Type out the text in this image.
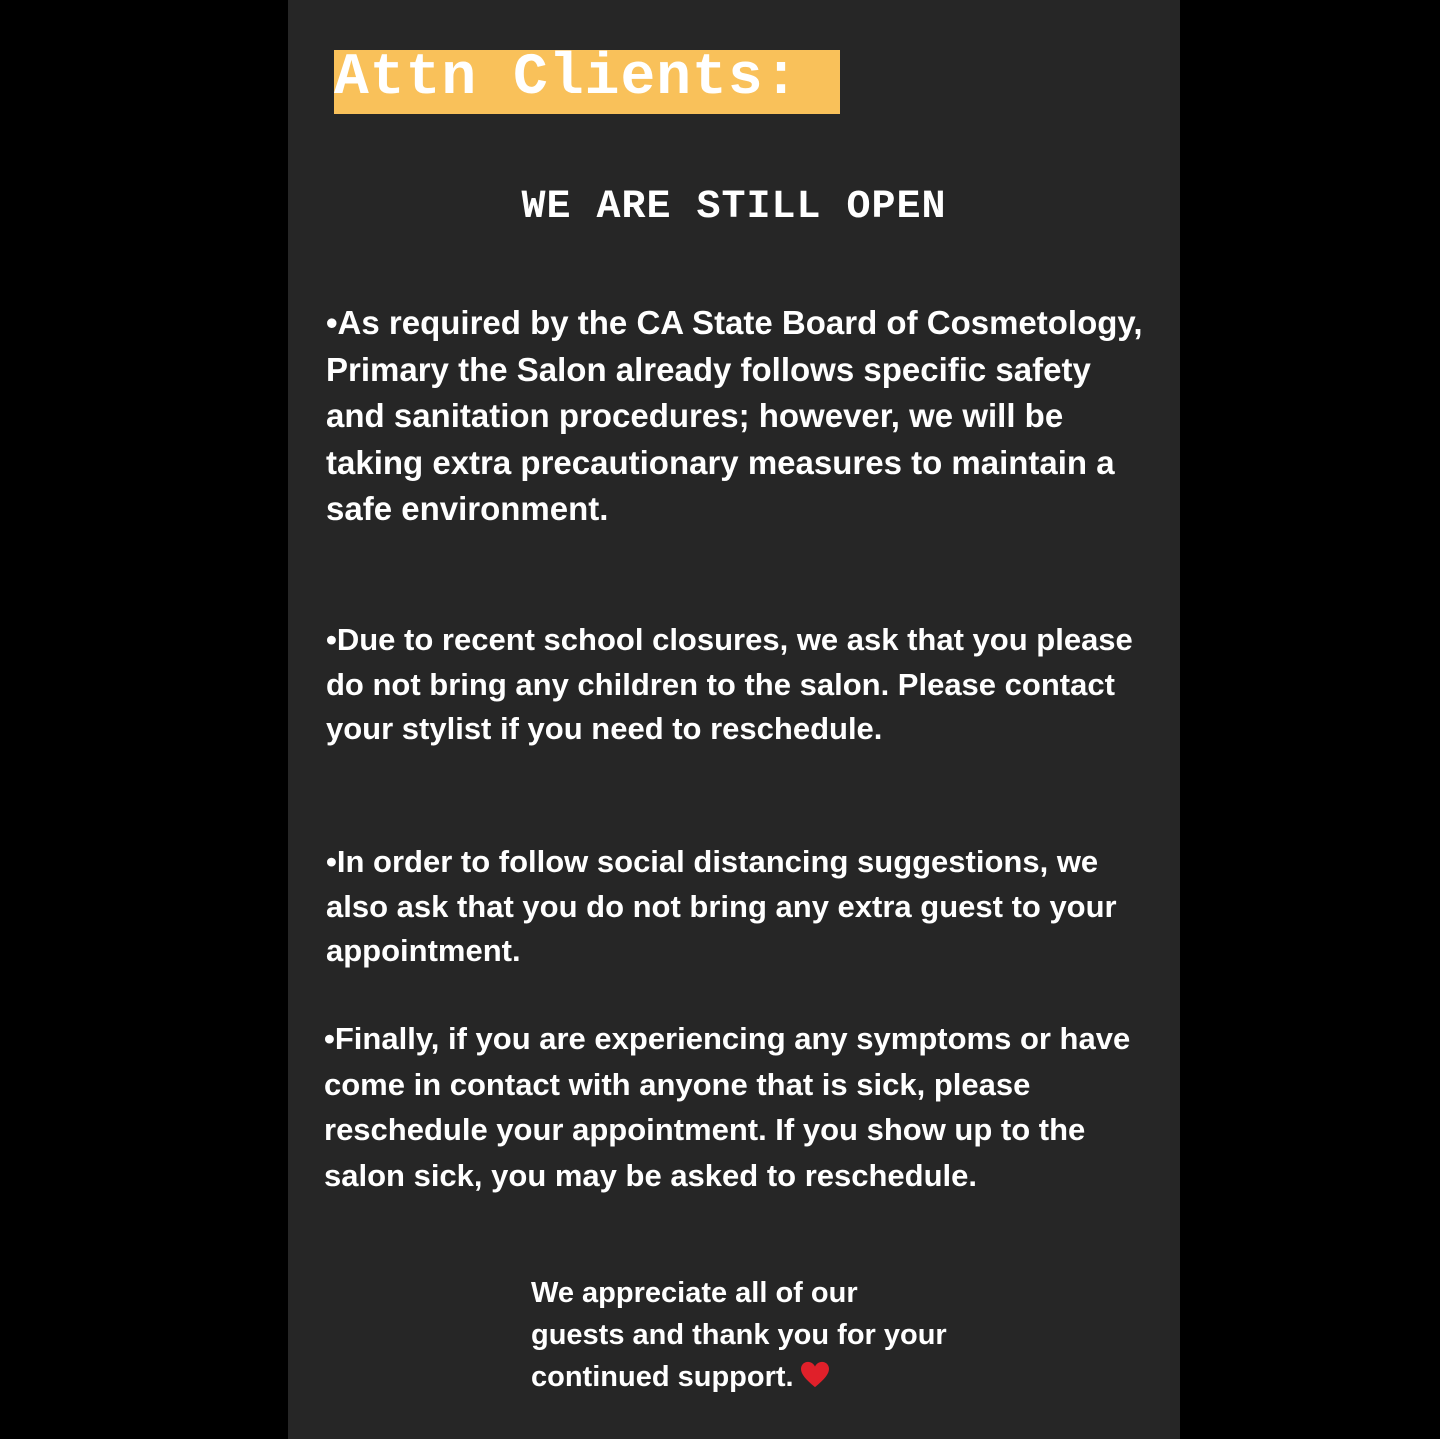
Attn Clients:
WE ARE STILL OPEN

•As required by the CA State Board of Cosmetology, Primary the Salon already follows specific safety and sanitation procedures; however, we will be taking extra precautionary measures to maintain a safe environment.

•Due to recent school closures, we ask that you please do not bring any children to the salon. Please contact your stylist if you need to reschedule.

•In order to follow social distancing suggestions, we also ask that you do not bring any extra guest to your appointment.

•Finally, if you are experiencing any symptoms or have come in contact with anyone that is sick, please reschedule your appointment. If you show up to the salon sick, you may be asked to reschedule.

We appreciate all of our guests and thank you for your continued support.
